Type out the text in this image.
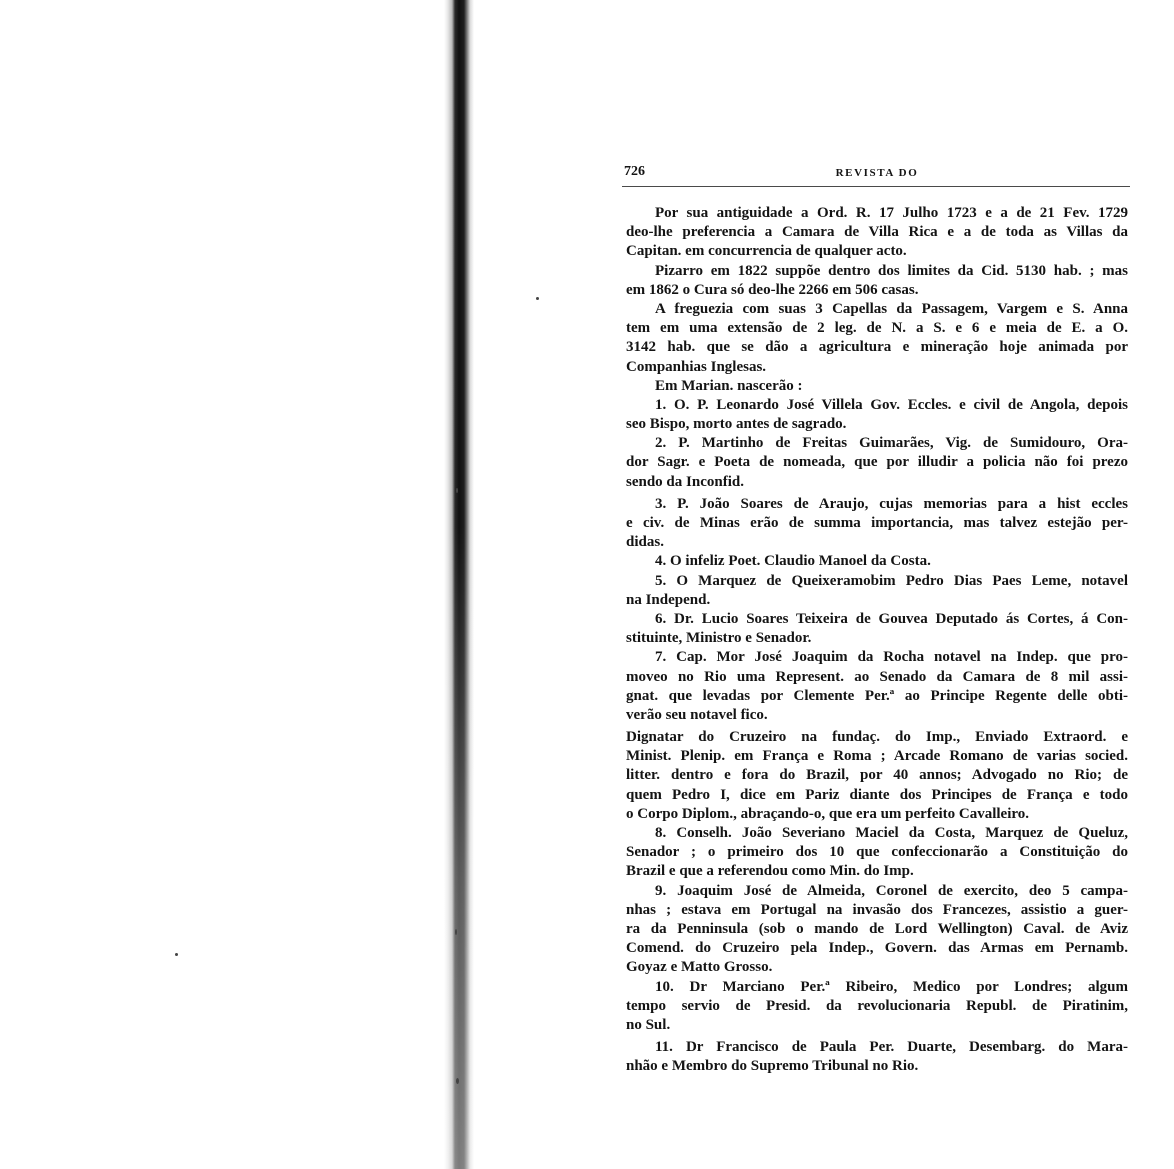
726	REVISTA DO
Por sua antiguidade a Ord. R. 17 Julho 1723 e a de 21 Fev. 1729
deo-lhe preferencia a Camara de Villa Rica e a de toda as Villas da
Capitan. em concurrencia de qualquer acto.
Pizarro em 1822 suppõe dentro dos limites da Cid. 5130 hab. ; mas
em 1862 o Cura só deo-lhe 2266 em 506 casas.
A freguezia com suas 3 Capellas da Passagem, Vargem e S. Anna
tem em uma extensão de 2 leg. de N. a S. e 6 e meia de E. a O.
3142 hab. que se dão a agricultura e mineração hoje animada por
Companhias Inglesas.
Em Marian. nascerão :
1. O. P. Leonardo José Villela Gov. Eccles. e civil de Angola, depois
seo Bispo, morto antes de sagrado.
2. P. Martinho de Freitas Guimarães, Vig. de Sumidouro, Ora-
dor Sagr. e Poeta de nomeada, que por illudir a policia não foi prezo
sendo da Inconfid.
3. P. João Soares de Araujo, cujas memorias para a hist eccles
e civ. de Minas erão de summa importancia, mas talvez estejão per-
didas.
4. O infeliz Poet. Claudio Manoel da Costa.
5. O Marquez de Queixeramobim Pedro Dias Paes Leme, notavel
na Independ.
6. Dr. Lucio Soares Teixeira de Gouvea Deputado ás Cortes, á Con-
stituinte, Ministro e Senador.
7. Cap. Mor José Joaquim da Rocha notavel na Indep. que pro-
moveo no Rio uma Represent. ao Senado da Camara de 8 mil assi-
gnat. que levadas por Clemente Per.ª ao Principe Regente delle obti-
verão seu notavel fico.
Dignatar do Cruzeiro na fundaç. do Imp., Enviado Extraord. e
Minist. Plenip. em França e Roma ; Arcade Romano de varias socied.
litter. dentro e fora do Brazil, por 40 annos; Advogado no Rio; de
quem Pedro I, dice em Pariz diante dos Principes de França e todo
o Corpo Diplom., abraçando-o, que era um perfeito Cavalleiro.
8. Conselh. João Severiano Maciel da Costa, Marquez de Queluz,
Senador ; o primeiro dos 10 que confeccionarão a Constituição do
Brazil e que a referendou como Min. do Imp.
9. Joaquim José de Almeida, Coronel de exercito, deo 5 campa-
nhas ; estava em Portugal na invasão dos Francezes, assistio a guer-
ra da Penninsula (sob o mando de Lord Wellington) Caval. de Aviz
Comend. do Cruzeiro pela Indep., Govern. das Armas em Pernamb.
Goyaz e Matto Grosso.
10. Dr Marciano Per.ª Ribeiro, Medico por Londres; algum
tempo servio de Presid. da revolucionaria Republ. de Piratinim,
no Sul.
11. Dr Francisco de Paula Per. Duarte, Desembarg. do Mara-
nhão e Membro do Supremo Tribunal no Rio.
